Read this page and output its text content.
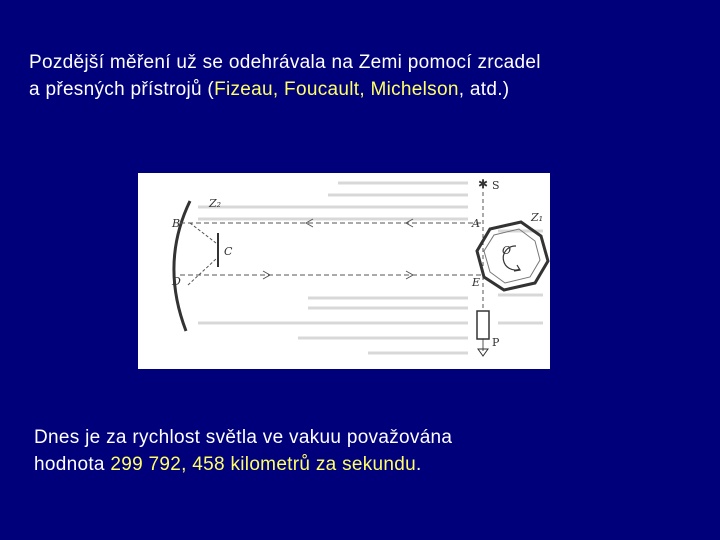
Pozdější měření už se odehrávala na Zemi pomocí zrcadel
a přesných přístrojů (Fizeau, Foucault, Michelson, atd.)
✱
Z₂
Z₁
B
C
D
A
E
O
S
P
Dnes je za rychlost světla ve vakuu považována
hodnota 299 792, 458 kilometrů za sekundu.
